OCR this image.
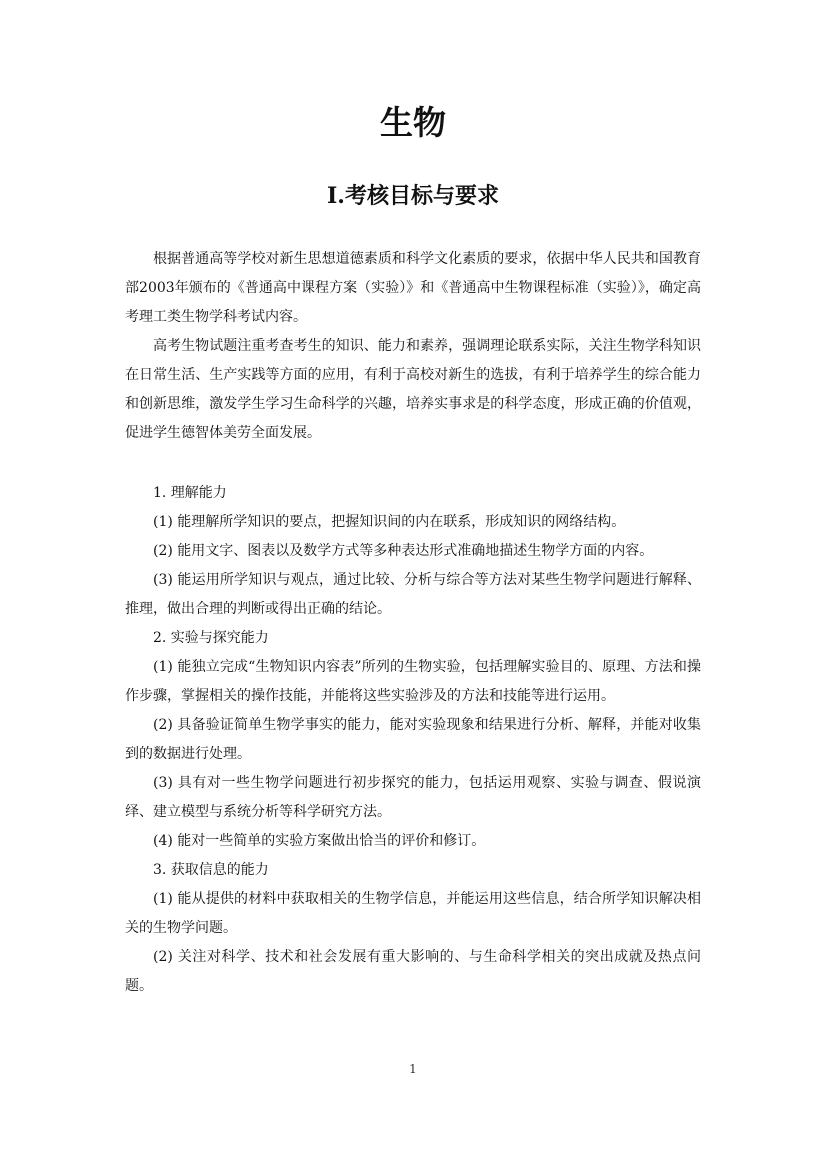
生物
Ⅰ.考核目标与要求

根据普通高等学校对新生思想道德素质和科学文化素质的要求，依据中华人民共和国教育部2003年颁布的《普通高中课程方案（实验）》和《普通高中生物课程标准（实验）》，确定高考理工类生物学科考试内容。

高考生物试题注重考查考生的知识、能力和素养，强调理论联系实际，关注生物学科知识在日常生活、生产实践等方面的应用，有利于高校对新生的选拔，有利于培养学生的综合能力和创新思维，激发学生学习生命科学的兴趣，培养实事求是的科学态度，形成正确的价值观，促进学生德智体美劳全面发展。

1. 理解能力

(1) 能理解所学知识的要点，把握知识间的内在联系，形成知识的网络结构。

(2) 能用文字、图表以及数学方式等多种表达形式准确地描述生物学方面的内容。

(3) 能运用所学知识与观点，通过比较、分析与综合等方法对某些生物学问题进行解释、推理，做出合理的判断或得出正确的结论。

2. 实验与探究能力

(1) 能独立完成“生物知识内容表”所列的生物实验，包括理解实验目的、原理、方法和操作步骤，掌握相关的操作技能，并能将这些实验涉及的方法和技能等进行运用。

(2) 具备验证简单生物学事实的能力，能对实验现象和结果进行分析、解释，并能对收集到的数据进行处理。

(3) 具有对一些生物学问题进行初步探究的能力，包括运用观察、实验与调查、假说演绎、建立模型与系统分析等科学研究方法。

(4) 能对一些简单的实验方案做出恰当的评价和修订。

3. 获取信息的能力

(1) 能从提供的材料中获取相关的生物学信息，并能运用这些信息，结合所学知识解决相关的生物学问题。

(2) 关注对科学、技术和社会发展有重大影响的、与生命科学相关的突出成就及热点问题。

1
